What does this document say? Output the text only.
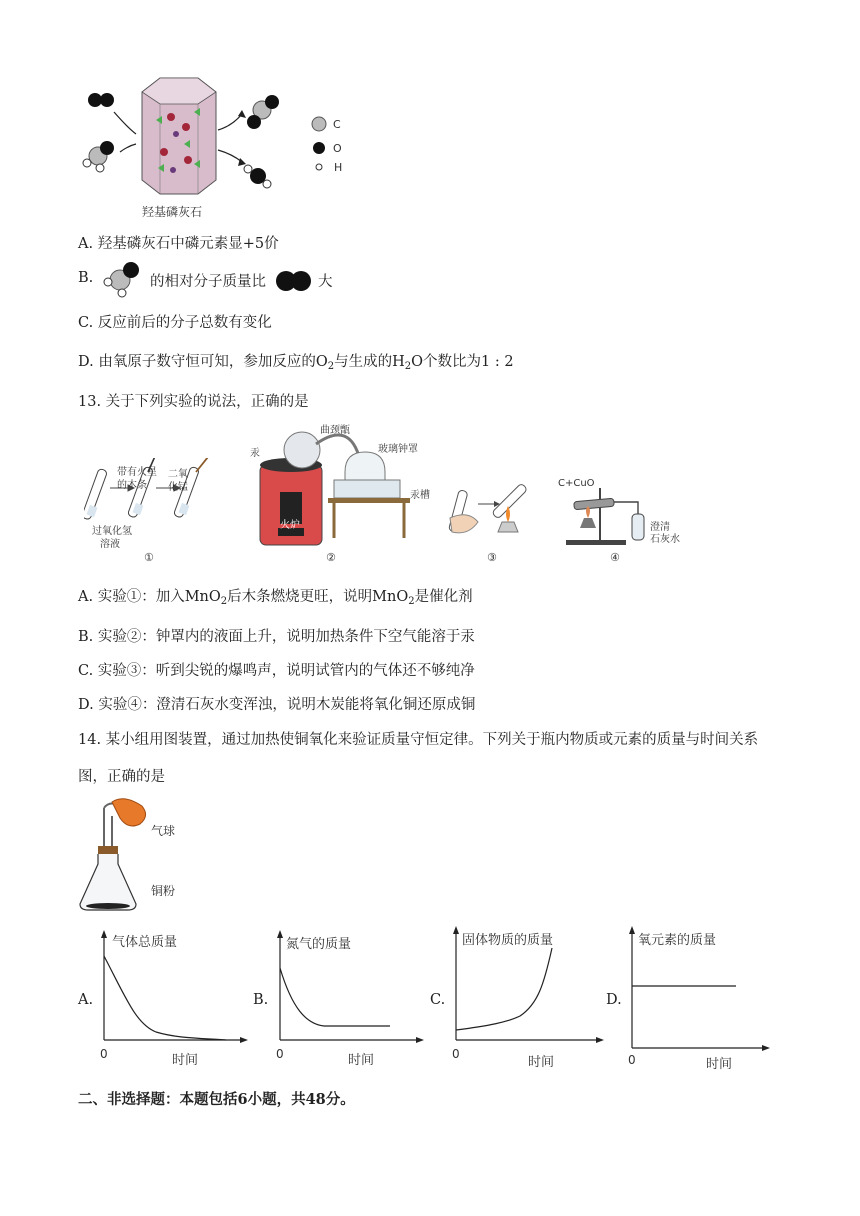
C
O
H
羟基磷灰石
A. 羟基磷灰石中磷元素显+5价
B.	的相对分子质量比	大
C. 反应前后的分子总数有变化
D. 由氧原子数守恒可知，参加反应的$O_2$与生成的$H_2O$个数比为1 : 2
13. 关于下列实验的说法，正确的是
带有火星
的木条
二氧
化锰
过氧化氢
溶液
①
汞
曲颈甑
玻璃钟罩
汞槽
火炉
②	③
C+CuO
澄清
石灰水
④
A. 实验①：加入MnO$_2$后木条燃烧更旺，说明MnO$_2$是催化剂
B. 实验②：钟罩内的液面上升，说明加热条件下空气能溶于汞
C. 实验③：听到尖锐的爆鸣声，说明试管内的气体还不够纯净
D. 实验④：澄清石灰水变浑浊，说明木炭能将氧化铜还原成铜
14. 某小组用图装置，通过加热使铜氧化来验证质量守恒定律。下列关于瓶内物质或元素的质量与时间关系
图，正确的是
气球
铜粉
A.	B.	C.	D.
气体总质量
0	时间
氮气的质量
0	时间
固体物质的质量
0
时间
氧元素的质量
0	时间
二、非选择题：本题包括6小题，共48分。
